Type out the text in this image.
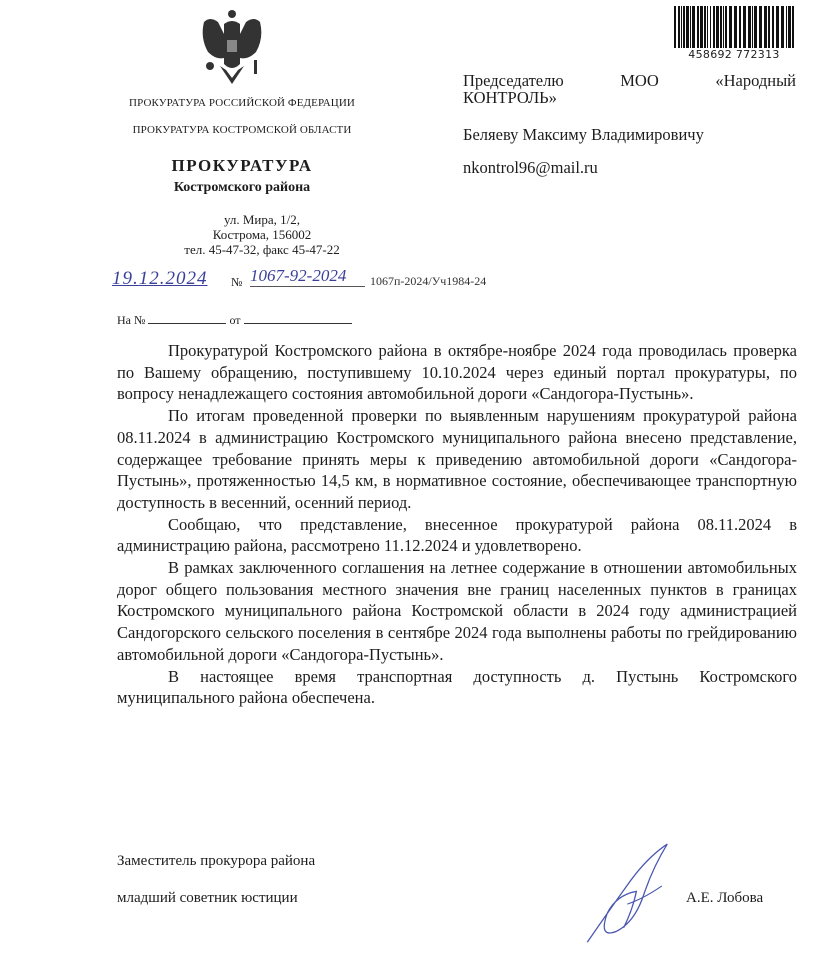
ПРОКУРАТУРА РОССИЙСКОЙ ФЕДЕРАЦИИ
ПРОКУРАТУРА КОСТРОМСКОЙ ОБЛАСТИ
ПРОКУРАТУРА
Костромского района
ул. Мира, 1/2,
Кострома, 156002
тел. 45-47-32, факс 45-47-22
19.12.2024 № 1067-92-2024	1067п-2024/Уч1984-24
На №	от
458692 772313
Председателю	МОО	«Народный
КОНТРОЛЬ»
Беляеву Максиму Владимировичу
nkontrol96@mail.ru

Прокуратурой Костромского района в октябре-ноябре 2024 года проводилась проверка по Вашему обращению, поступившему 10.10.2024 через единый портал прокуратуры, по вопросу ненадлежащего состояния автомобильной дороги «Сандогора-Пустынь».

По итогам проведенной проверки по выявленным нарушениям прокуратурой района 08.11.2024 в администрацию Костромского муниципального района внесено представление, содержащее требование принять меры к приведению автомобильной дороги «Сандогора-Пустынь», протяженностью 14,5 км, в нормативное состояние, обеспечивающее транспортную доступность в весенний, осенний период.

Сообщаю, что представление, внесенное прокуратурой района 08.11.2024 в администрацию района, рассмотрено 11.12.2024 и удовлетворено.

В рамках заключенного соглашения на летнее содержание в отношении автомобильных дорог общего пользования местного значения вне границ населенных пунктов в границах Костромского муниципального района Костромской области в 2024 году администрацией Сандогорского сельского поселения в сентябре 2024 года выполнены работы по грейдированию автомобильной дороги «Сандогора-Пустынь».

В настоящее время транспортная доступность д. Пустынь Костромского муниципального района обеспечена.

Заместитель прокурора района
младший советник юстиции	А.Е. Лобова
